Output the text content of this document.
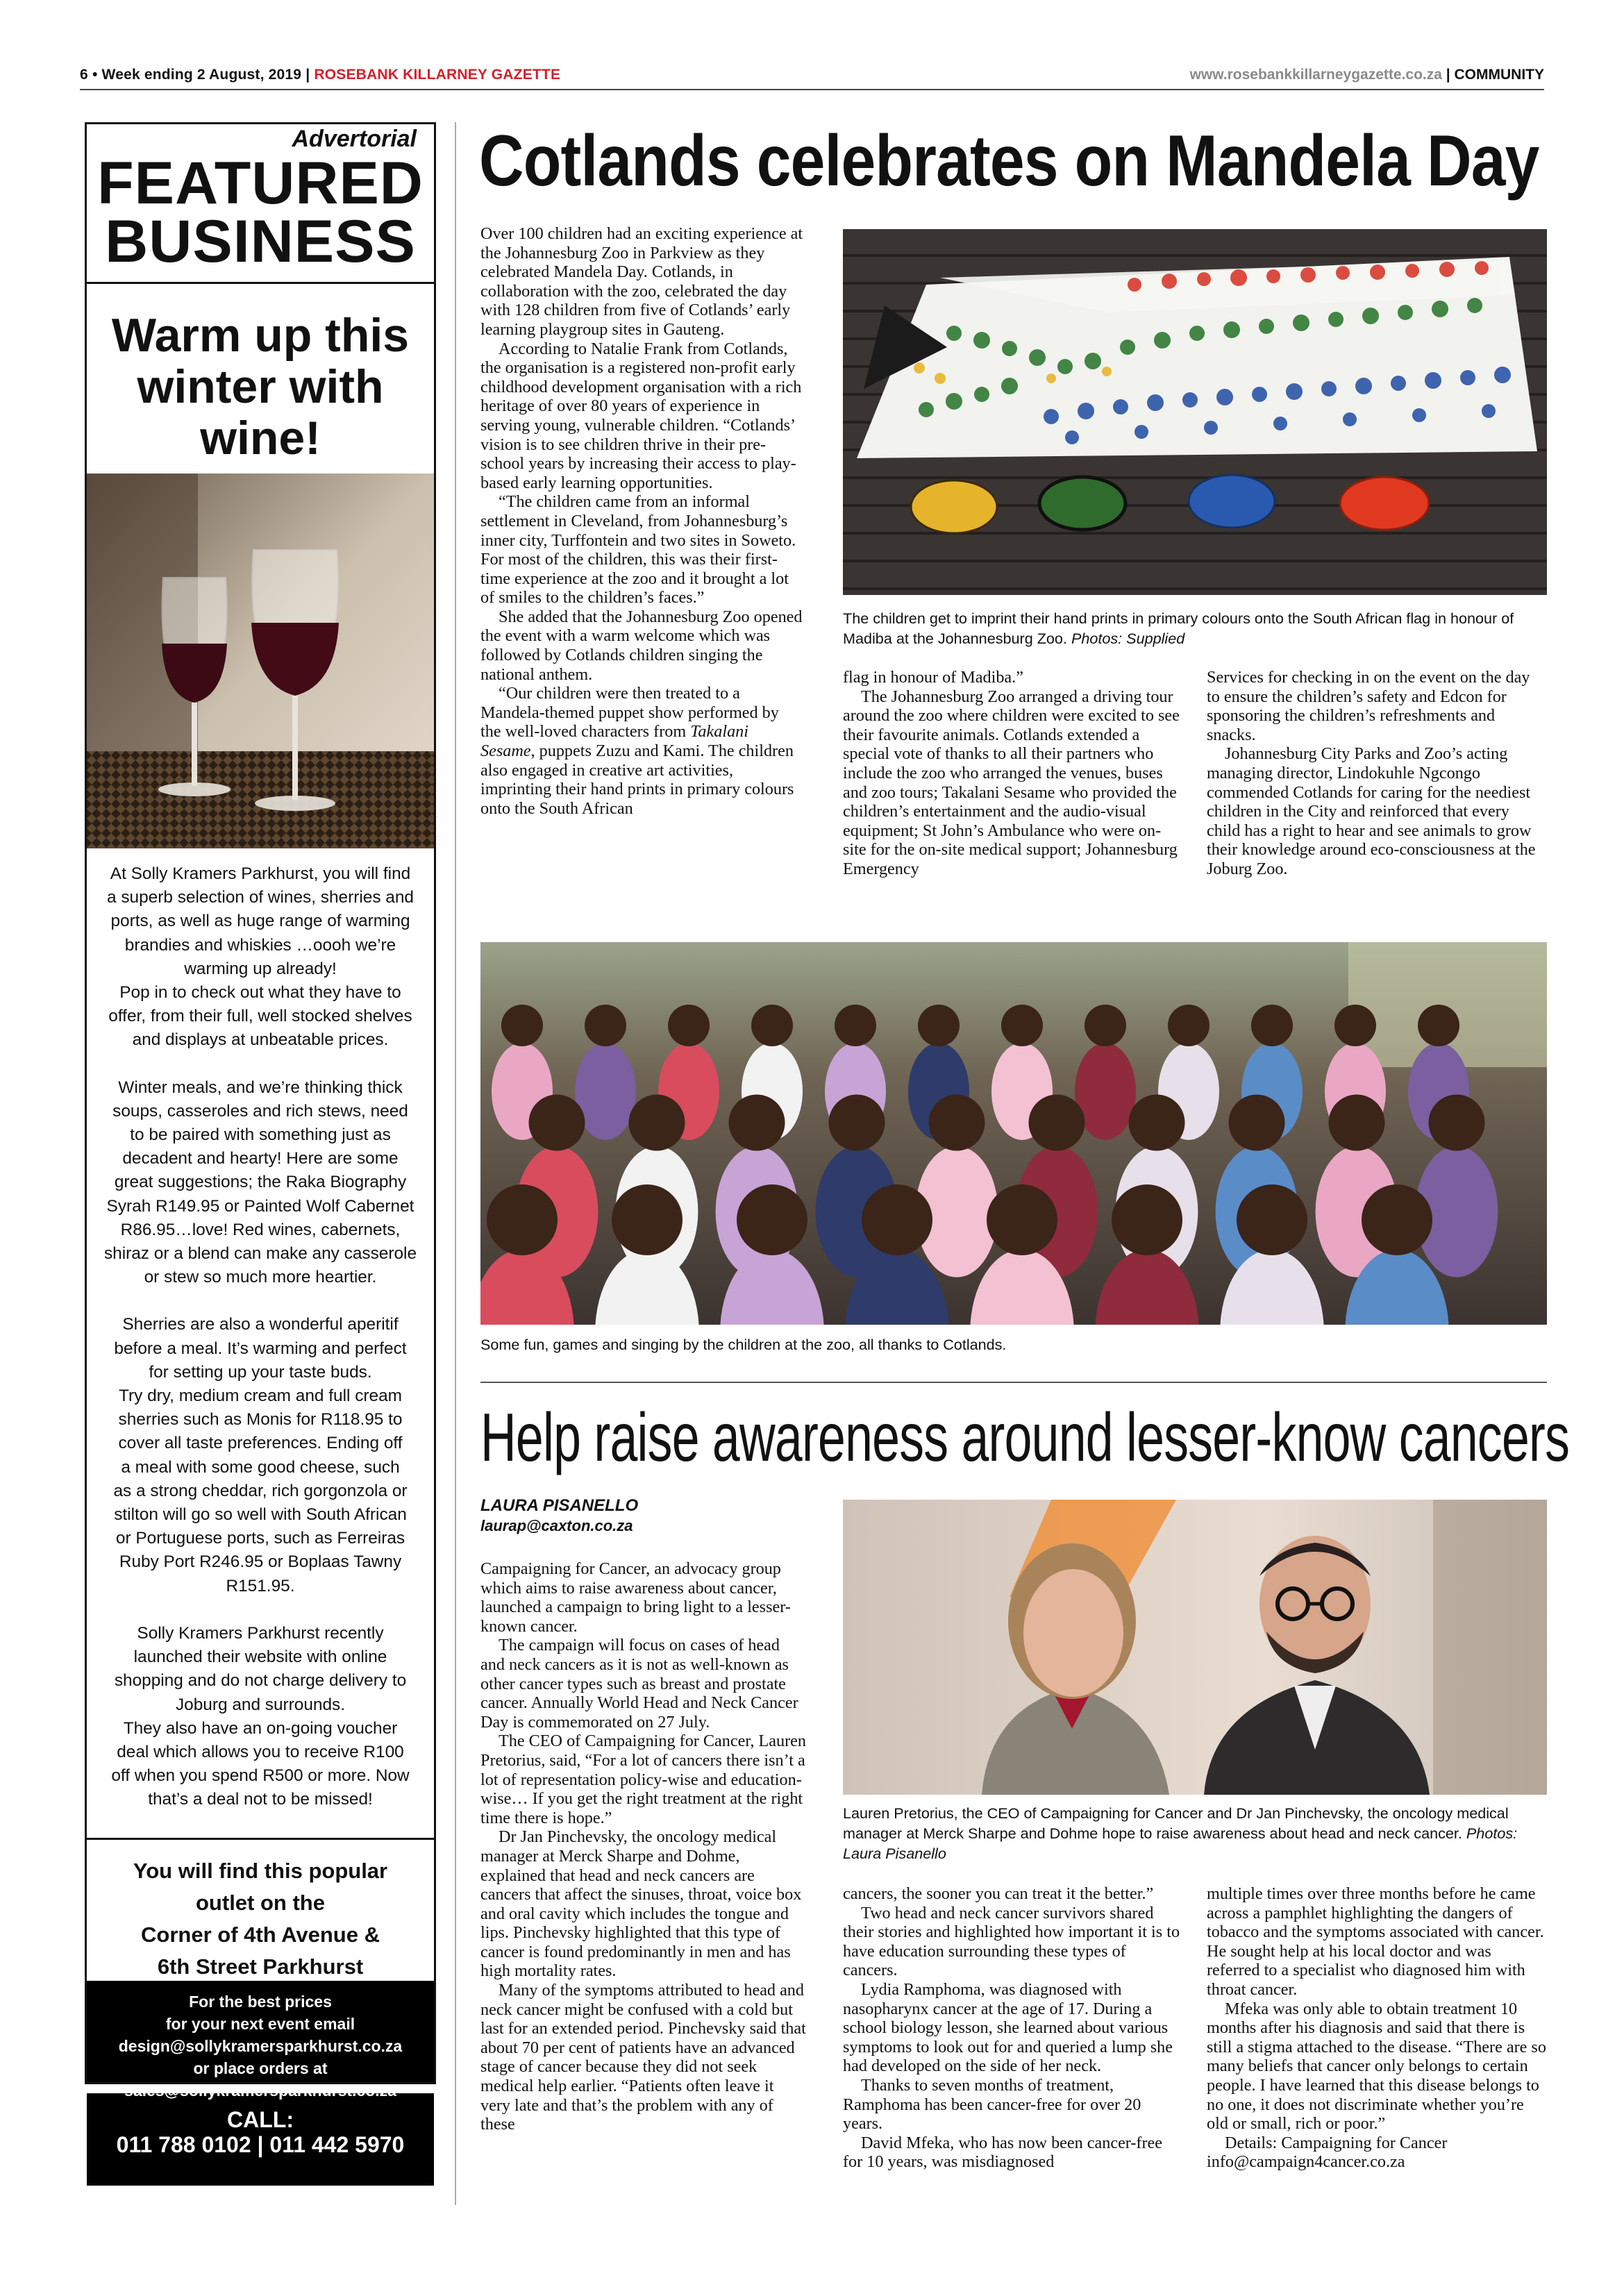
6 • Week ending 2 August, 2019 | ROSEBANK KILLARNEY GAZETTE	www.rosebankkillarneygazette.co.za | COMMUNITY
Advertorial
FEATURED
BUSINESS
Warm up this
winter with
wine!

At Solly Kramers Parkhurst, you will find

a superb selection of wines, sherries and

ports, as well as huge range of warming

brandies and whiskies …oooh we’re

warming up already!

Pop in to check out what they have to

offer, from their full, well stocked shelves

and displays at unbeatable prices.

Winter meals, and we’re thinking thick

soups, casseroles and rich stews, need

to be paired with something just as

decadent and hearty! Here are some

great suggestions; the Raka Biography

Syrah R149.95 or Painted Wolf Cabernet

R86.95…love! Red wines, cabernets,

shiraz or a blend can make any casserole

or stew so much more heartier.

Sherries are also a wonderful aperitif

before a meal. It’s warming and perfect

for setting up your taste buds.

Try dry, medium cream and full cream

sherries such as Monis for R118.95 to

cover all taste preferences. Ending off

a meal with some good cheese, such

as a strong cheddar, rich gorgonzola or

stilton will go so well with South African

or Portuguese ports, such as Ferreiras

Ruby Port R246.95 or Boplaas Tawny

R151.95.

Solly Kramers Parkhurst recently

launched their website with online

shopping and do not charge delivery to

Joburg and surrounds.

They also have an on-going voucher

deal which allows you to receive R100

off when you spend R500 or more. Now

that’s a deal not to be missed!

You will find this popular
outlet on the
Corner of 4th Avenue &
6th Street Parkhurst
For the best prices
for your next event email
design@sollykramersparkhurst.co.za
or place orders at
sales@sollykramersparkhurst.co.za
CALL:
011 788 0102 | 011 442 5970
Cotlands celebrates on Mandela Day

Over 100 children had an exciting experience at the Johannesburg Zoo in Parkview as they celebrated Mandela Day. Cotlands, in collaboration with the zoo, celebrated the day with 128 children from five of Cotlands’ early learning playgroup sites in Gauteng.

According to Natalie Frank from Cotlands, the organisation is a registered non-profit early childhood development organisation with a rich heritage of over 80 years of experience in serving young, vulnerable children. “Cotlands’ vision is to see children thrive in their pre-school years by increasing their access to play-based early learning opportunities.

“The children came from an informal settlement in Cleveland, from Johannesburg’s inner city, Turffontein and two sites in Soweto. For most of the children, this was their first-time experience at the zoo and it brought a lot of smiles to the children’s faces.”

She added that the Johannesburg Zoo opened the event with a warm welcome which was followed by Cotlands children singing the national anthem.

“Our children were then treated to a Mandela-themed puppet show performed by the well-loved characters from Takalani Sesame, puppets Zuzu and Kami. The children also engaged in creative art activities, imprinting their hand prints in primary colours onto the South African

The children get to imprint their hand prints in primary colours onto the South African flag in honour of Madiba at the Johannesburg Zoo. Photos: Supplied

flag in honour of Madiba.”

The Johannesburg Zoo arranged a driving tour around the zoo where children were excited to see their favourite animals. Cotlands extended a special vote of thanks to all their partners who include the zoo who arranged the venues, buses and zoo tours; Takalani Sesame who provided the children’s entertainment and the audio-visual equipment; St John’s Ambulance who were on-site for the on-site medical support; Johannesburg Emergency

Services for checking in on the event on the day to ensure the children’s safety and Edcon for sponsoring the children’s refreshments and snacks.

Johannesburg City Parks and Zoo’s acting managing director, Lindokuhle Ngcongo commended Cotlands for caring for the neediest children in the City and reinforced that every child has a right to hear and see animals to grow their knowledge around eco-consciousness at the Joburg Zoo.

Some fun, games and singing by the children at the zoo, all thanks to Cotlands.
Help raise awareness around lesser-know cancers
LAURA PISANELLO
laurap@caxton.co.za

Campaigning for Cancer, an advocacy group which aims to raise awareness about cancer, launched a campaign to bring light to a lesser-known cancer.

The campaign will focus on cases of head and neck cancers as it is not as well-known as other cancer types such as breast and prostate cancer. Annually World Head and Neck Cancer Day is commemorated on 27 July.

The CEO of Campaigning for Cancer, Lauren Pretorius, said, “For a lot of cancers there isn’t a lot of representation policy-wise and education-wise… If you get the right treatment at the right time there is hope.”

Dr Jan Pinchevsky, the oncology medical manager at Merck Sharpe and Dohme, explained that head and neck cancers are cancers that affect the sinuses, throat, voice box and oral cavity which includes the tongue and lips. Pinchevsky highlighted that this type of cancer is found predominantly in men and has high mortality rates.

Many of the symptoms attributed to head and neck cancer might be confused with a cold but last for an extended period. Pinchevsky said that about 70 per cent of patients have an advanced stage of cancer because they did not seek medical help earlier. “Patients often leave it very late and that’s the problem with any of these

Lauren Pretorius, the CEO of Campaigning for Cancer and Dr Jan Pinchevsky, the oncology medical manager at Merck Sharpe and Dohme hope to raise awareness about head and neck cancer. Photos: Laura Pisanello

cancers, the sooner you can treat it the better.”

Two head and neck cancer survivors shared their stories and highlighted how important it is to have education surrounding these types of cancers.

Lydia Ramphoma, was diagnosed with nasopharynx cancer at the age of 17. During a school biology lesson, she learned about various symptoms to look out for and queried a lump she had developed on the side of her neck.

Thanks to seven months of treatment, Ramphoma has been cancer-free for over 20 years.

David Mfeka, who has now been cancer-free for 10 years, was misdiagnosed

multiple times over three months before he came across a pamphlet highlighting the dangers of tobacco and the symptoms associated with cancer. He sought help at his local doctor and was referred to a specialist who diagnosed him with throat cancer.

Mfeka was only able to obtain treatment 10 months after his diagnosis and said that there is still a stigma attached to the disease. “There are so many beliefs that cancer only belongs to certain people. I have learned that this disease belongs to no one, it does not discriminate whether you’re old or small, rich or poor.”

Details: Campaigning for Cancer info@campaign4cancer.co.za
